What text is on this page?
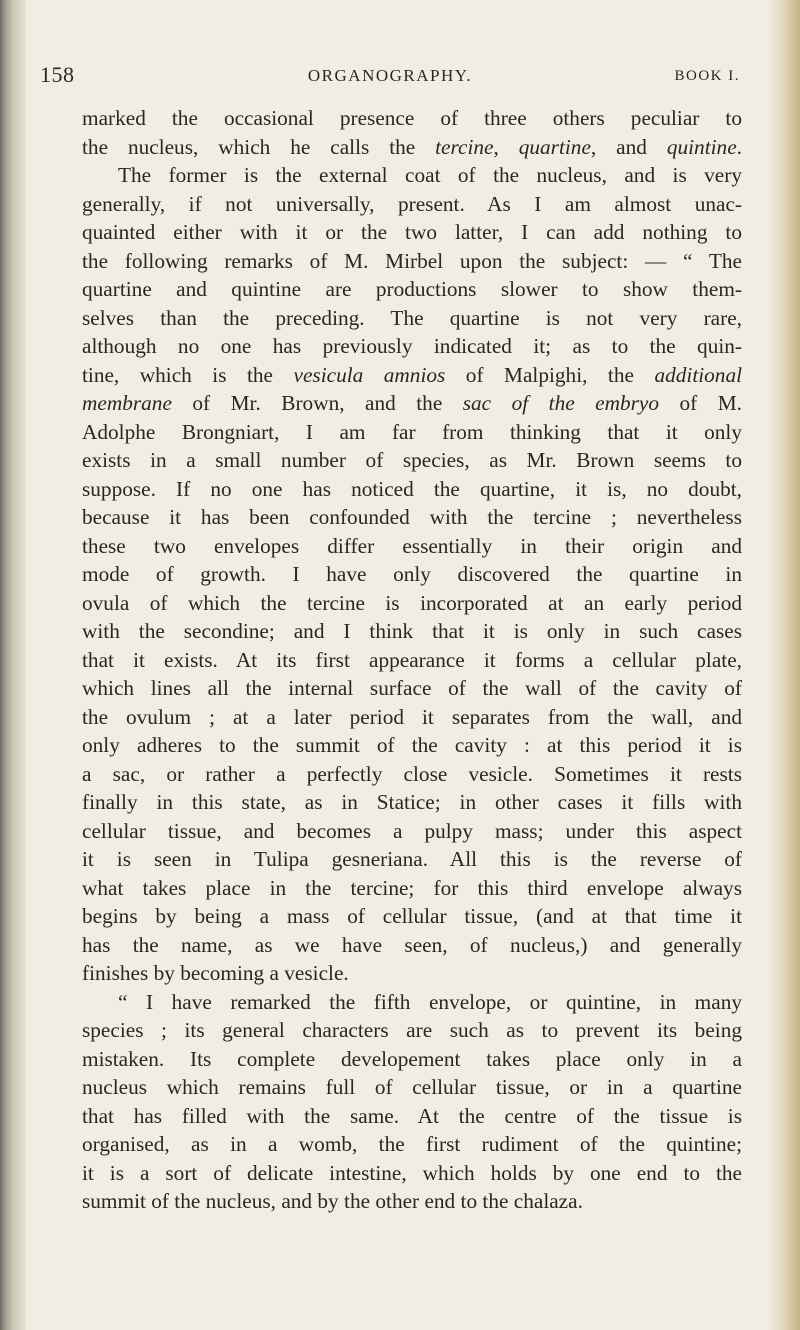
158	ORGANOGRAPHY.	BOOK I.
marked the occasional presence of three others peculiar to
the nucleus, which he calls the tercine, quartine, and quintine.
The former is the external coat of the nucleus, and is very
generally, if not universally, present. As I am almost unac-
quainted either with it or the two latter, I can add nothing to
the following remarks of M. Mirbel upon the subject: — “ The
quartine and quintine are productions slower to show them-
selves than the preceding. The quartine is not very rare,
although no one has previously indicated it; as to the quin-
tine, which is the vesicula amnios of Malpighi, the additional
membrane of Mr. Brown, and the sac of the embryo of M.
Adolphe Brongniart, I am far from thinking that it only
exists in a small number of species, as Mr. Brown seems to
suppose. If no one has noticed the quartine, it is, no doubt,
because it has been confounded with the tercine ; nevertheless
these two envelopes differ essentially in their origin and
mode of growth. I have only discovered the quartine in
ovula of which the tercine is incorporated at an early period
with the secondine; and I think that it is only in such cases
that it exists. At its first appearance it forms a cellular plate,
which lines all the internal surface of the wall of the cavity of
the ovulum ; at a later period it separates from the wall, and
only adheres to the summit of the cavity : at this period it is
a sac, or rather a perfectly close vesicle. Sometimes it rests
finally in this state, as in Statice; in other cases it fills with
cellular tissue, and becomes a pulpy mass; under this aspect
it is seen in Tulipa gesneriana. All this is the reverse of
what takes place in the tercine; for this third envelope always
begins by being a mass of cellular tissue, (and at that time it
has the name, as we have seen, of nucleus,) and generally
finishes by becoming a vesicle.
“ I have remarked the fifth envelope, or quintine, in many
species ; its general characters are such as to prevent its being
mistaken. Its complete developement takes place only in a
nucleus which remains full of cellular tissue, or in a quartine
that has filled with the same. At the centre of the tissue is
organised, as in a womb, the first rudiment of the quintine;
it is a sort of delicate intestine, which holds by one end to the
summit of the nucleus, and by the other end to the chalaza.
